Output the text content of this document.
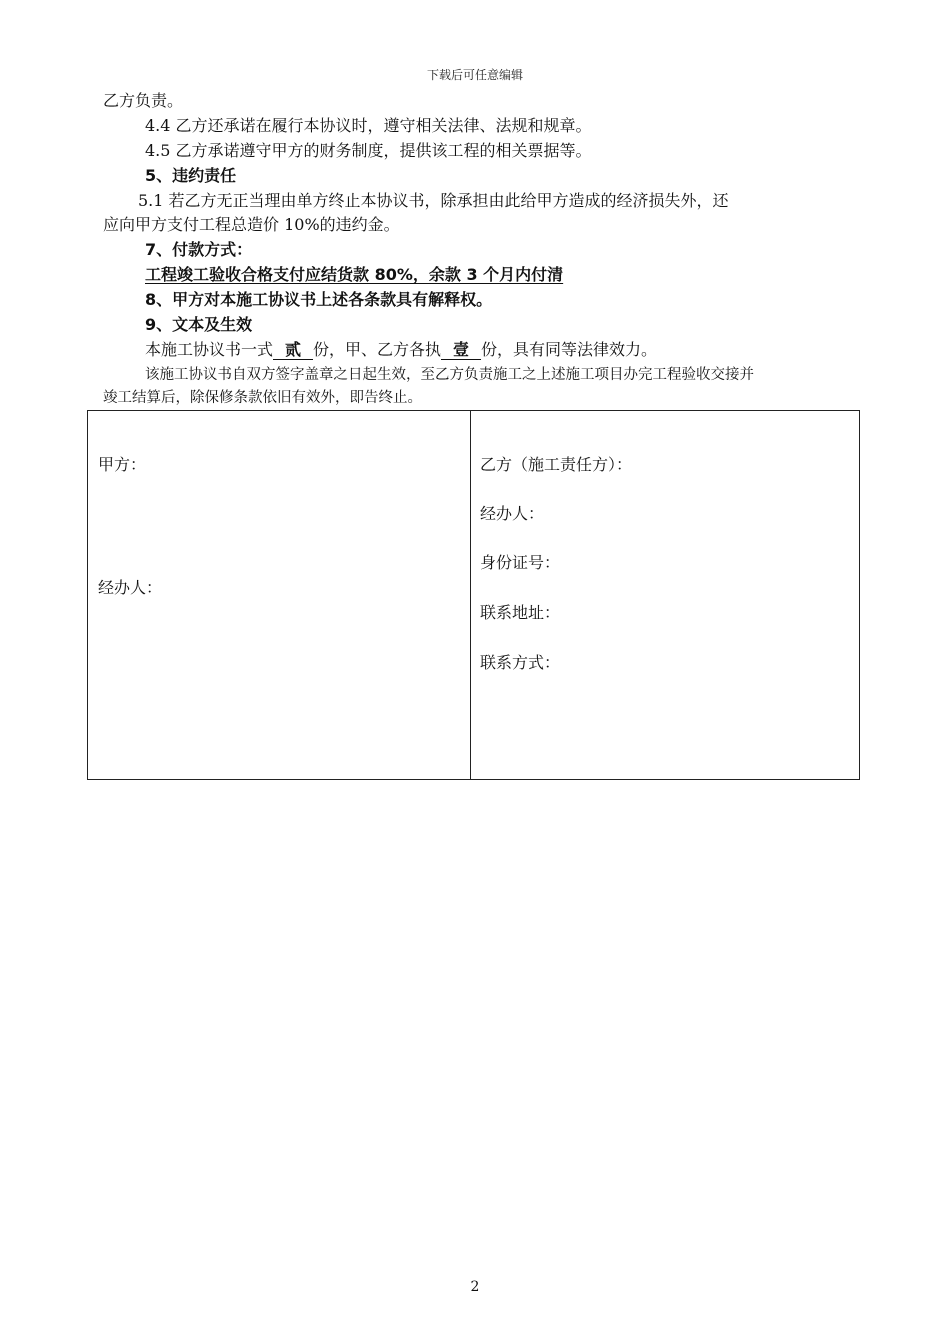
下载后可任意编辑
乙方负责。
4.4 乙方还承诺在履行本协议时，遵守相关法律、法规和规章。
4.5 乙方承诺遵守甲方的财务制度，提供该工程的相关票据等。
5、违约责任
5.1 若乙方无正当理由单方终止本协议书，除承担由此给甲方造成的经济损失外，还
应向甲方支付工程总造价 10%的违约金。
7、付款方式：
工程竣工验收合格支付应结货款 80%，余款 3 个月内付清
8、甲方对本施工协议书上述各条款具有解释权。
9、文本及生效
本施工协议书一式 贰 份，甲、乙方各执 壹 份，具有同等法律效力。
该施工协议书自双方签字盖章之日起生效，至乙方负责施工之上述施工项目办完工程验收交接并
竣工结算后，除保修条款依旧有效外，即告终止。
甲方：
经办人：
乙方（施工责任方）：
经办人：
身份证号：
联系地址：
联系方式：
2
